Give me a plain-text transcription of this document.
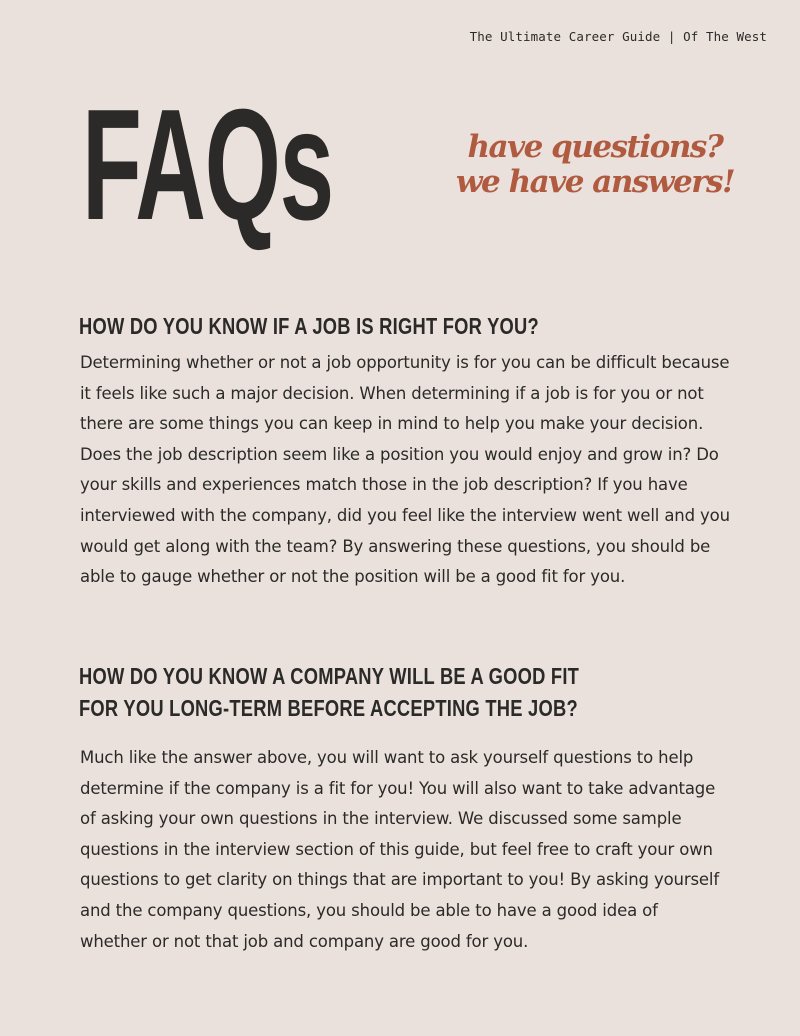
The Ultimate Career Guide | Of The West
FAQs	have questions?
we have answers!
HOW DO YOU KNOW IF A JOB IS RIGHT FOR YOU?
Determining whether or not a job opportunity is for you can be difficult because
it feels like such a major decision. When determining if a job is for you or not
there are some things you can keep in mind to help you make your decision.
Does the job description seem like a position you would enjoy and grow in? Do
your skills and experiences match those in the job description? If you have
interviewed with the company, did you feel like the interview went well and you
would get along with the team? By answering these questions, you should be
able to gauge whether or not the position will be a good fit for you.
HOW DO YOU KNOW A COMPANY WILL BE A GOOD FIT
FOR YOU LONG-TERM BEFORE ACCEPTING THE JOB?
Much like the answer above, you will want to ask yourself questions to help
determine if the company is a fit for you! You will also want to take advantage
of asking your own questions in the interview. We discussed some sample
questions in the interview section of this guide, but feel free to craft your own
questions to get clarity on things that are important to you! By asking yourself
and the company questions, you should be able to have a good idea of
whether or not that job and company are good for you.
